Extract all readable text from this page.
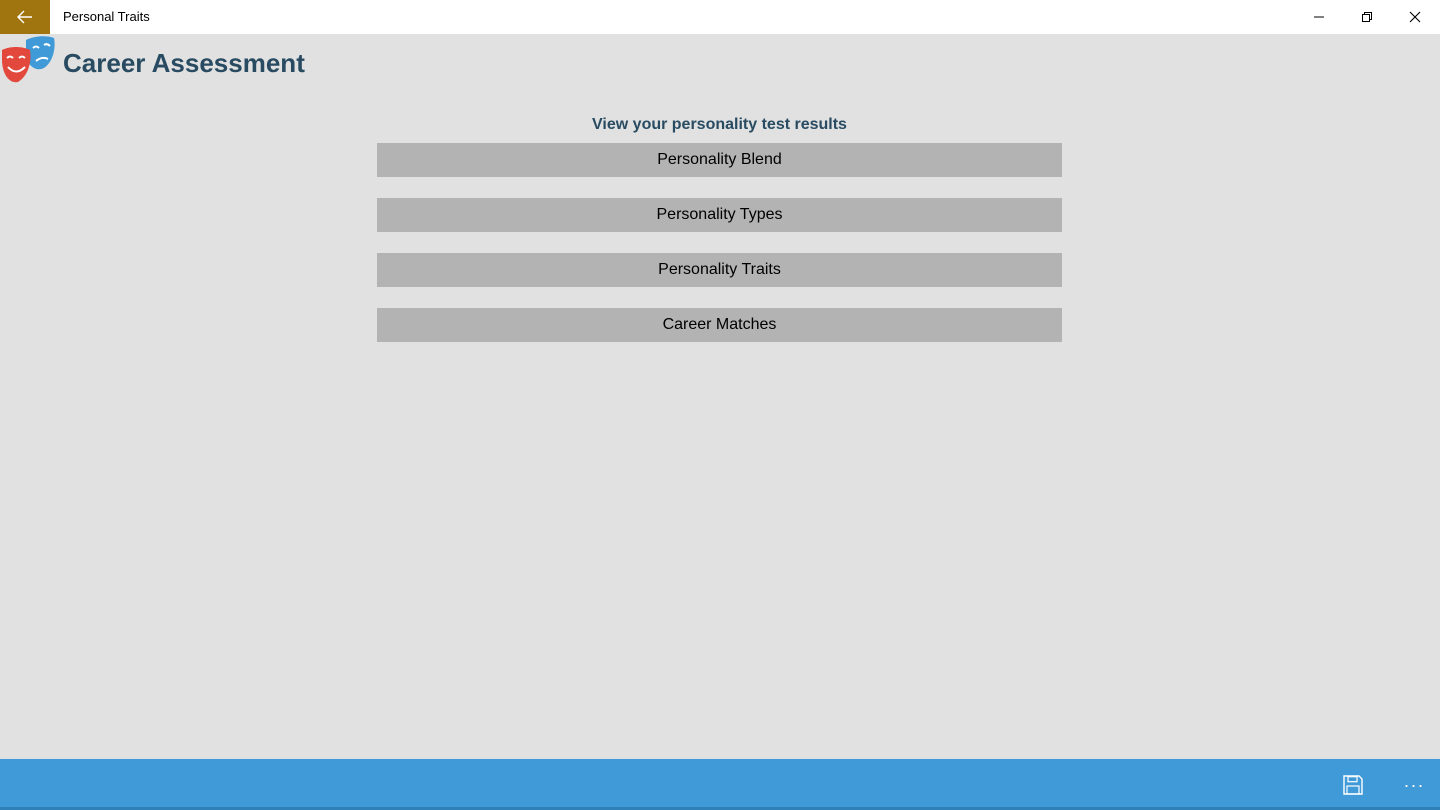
Personal Traits
Career Assessment
View your personality test results
Personality Blend
Personality Types
Personality Traits
Career Matches
···
